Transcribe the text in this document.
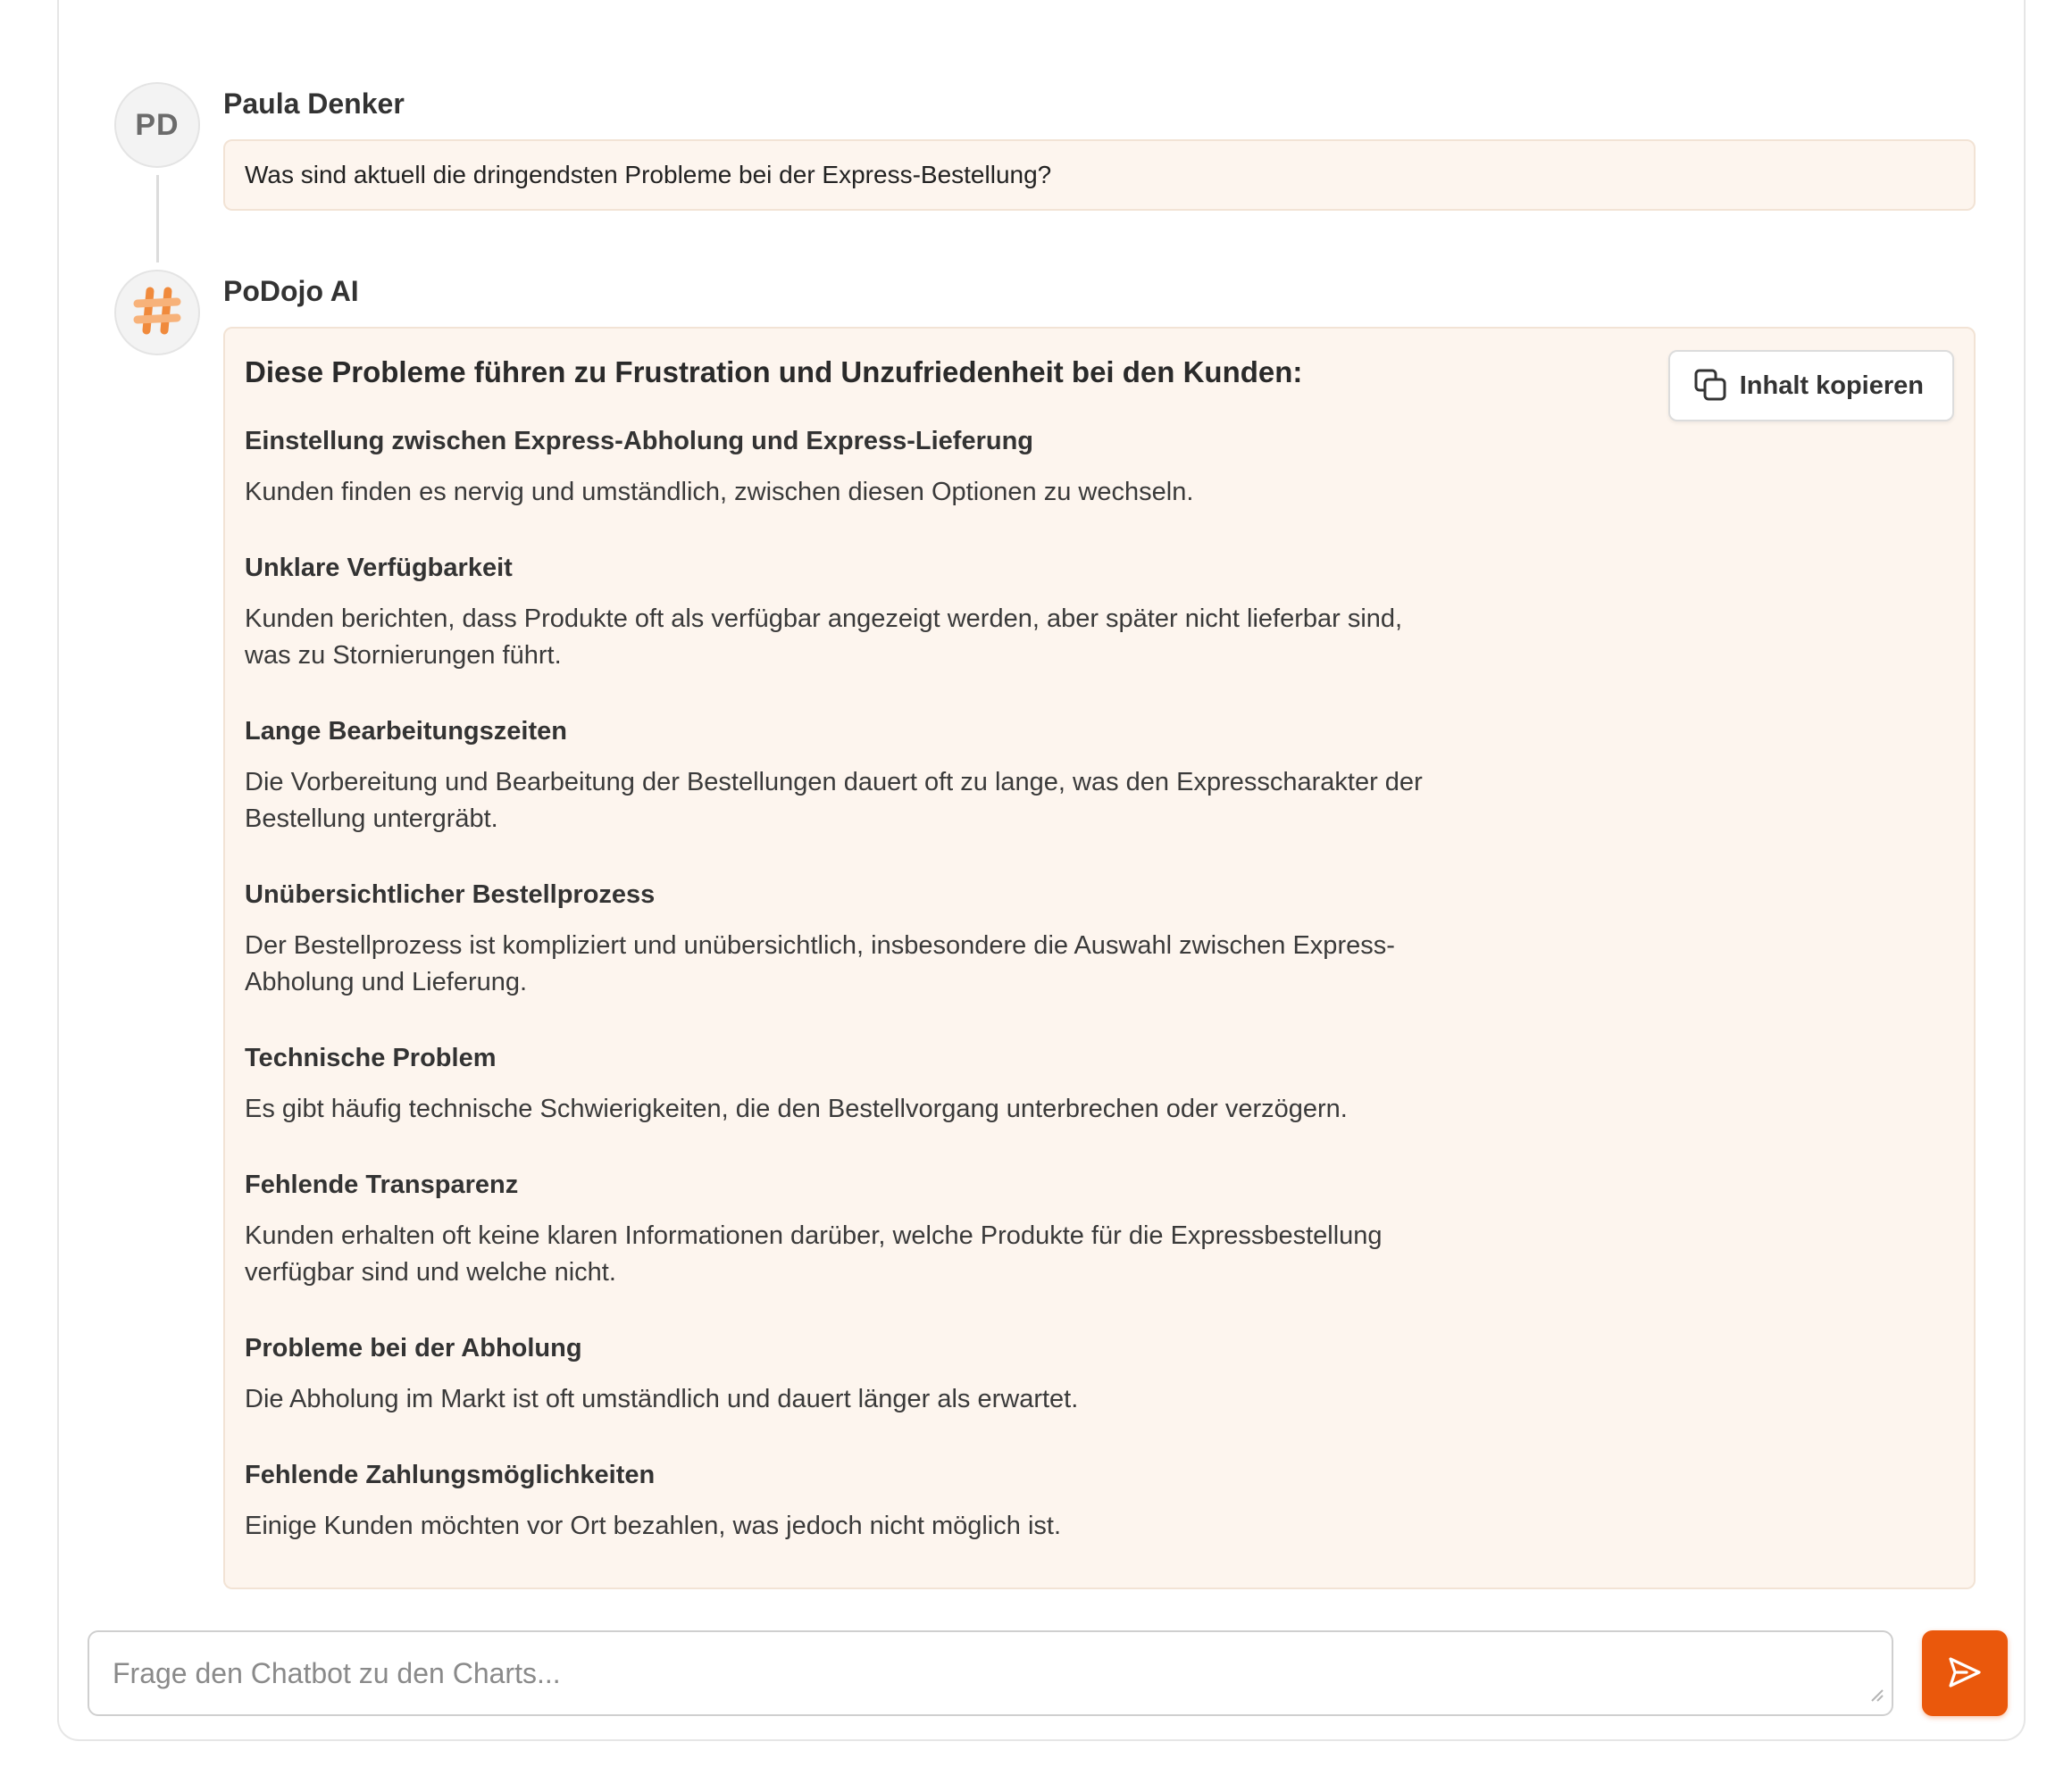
PD
Paula Denker
Was sind aktuell die dringendsten Probleme bei der Express-Bestellung?
PoDojo AI
Diese Probleme führen zu Frustration und Unzufriedenheit bei den Kunden:	Inhalt kopieren

Einstellung zwischen Express-Abholung und Express-Lieferung

Kunden finden es nervig und umständlich, zwischen diesen Optionen zu wechseln.

Unklare Verfügbarkeit

Kunden berichten, dass Produkte oft als verfügbar angezeigt werden, aber später nicht lieferbar sind, was zu Stornierungen führt.

Lange Bearbeitungszeiten

Die Vorbereitung und Bearbeitung der Bestellungen dauert oft zu lange, was den Expresscharakter der Bestellung untergräbt.

Unübersichtlicher Bestellprozess

Der Bestellprozess ist kompliziert und unübersichtlich, insbesondere die Auswahl zwischen Express-Abholung und Lieferung.

Technische Problem

Es gibt häufig technische Schwierigkeiten, die den Bestellvorgang unterbrechen oder verzögern.

Fehlende Transparenz

Kunden erhalten oft keine klaren Informationen darüber, welche Produkte für die Expressbestellung verfügbar sind und welche nicht.

Probleme bei der Abholung

Die Abholung im Markt ist oft umständlich und dauert länger als erwartet.

Fehlende Zahlungsmöglichkeiten

Einige Kunden möchten vor Ort bezahlen, was jedoch nicht möglich ist.

Frage den Chatbot zu den Charts...
